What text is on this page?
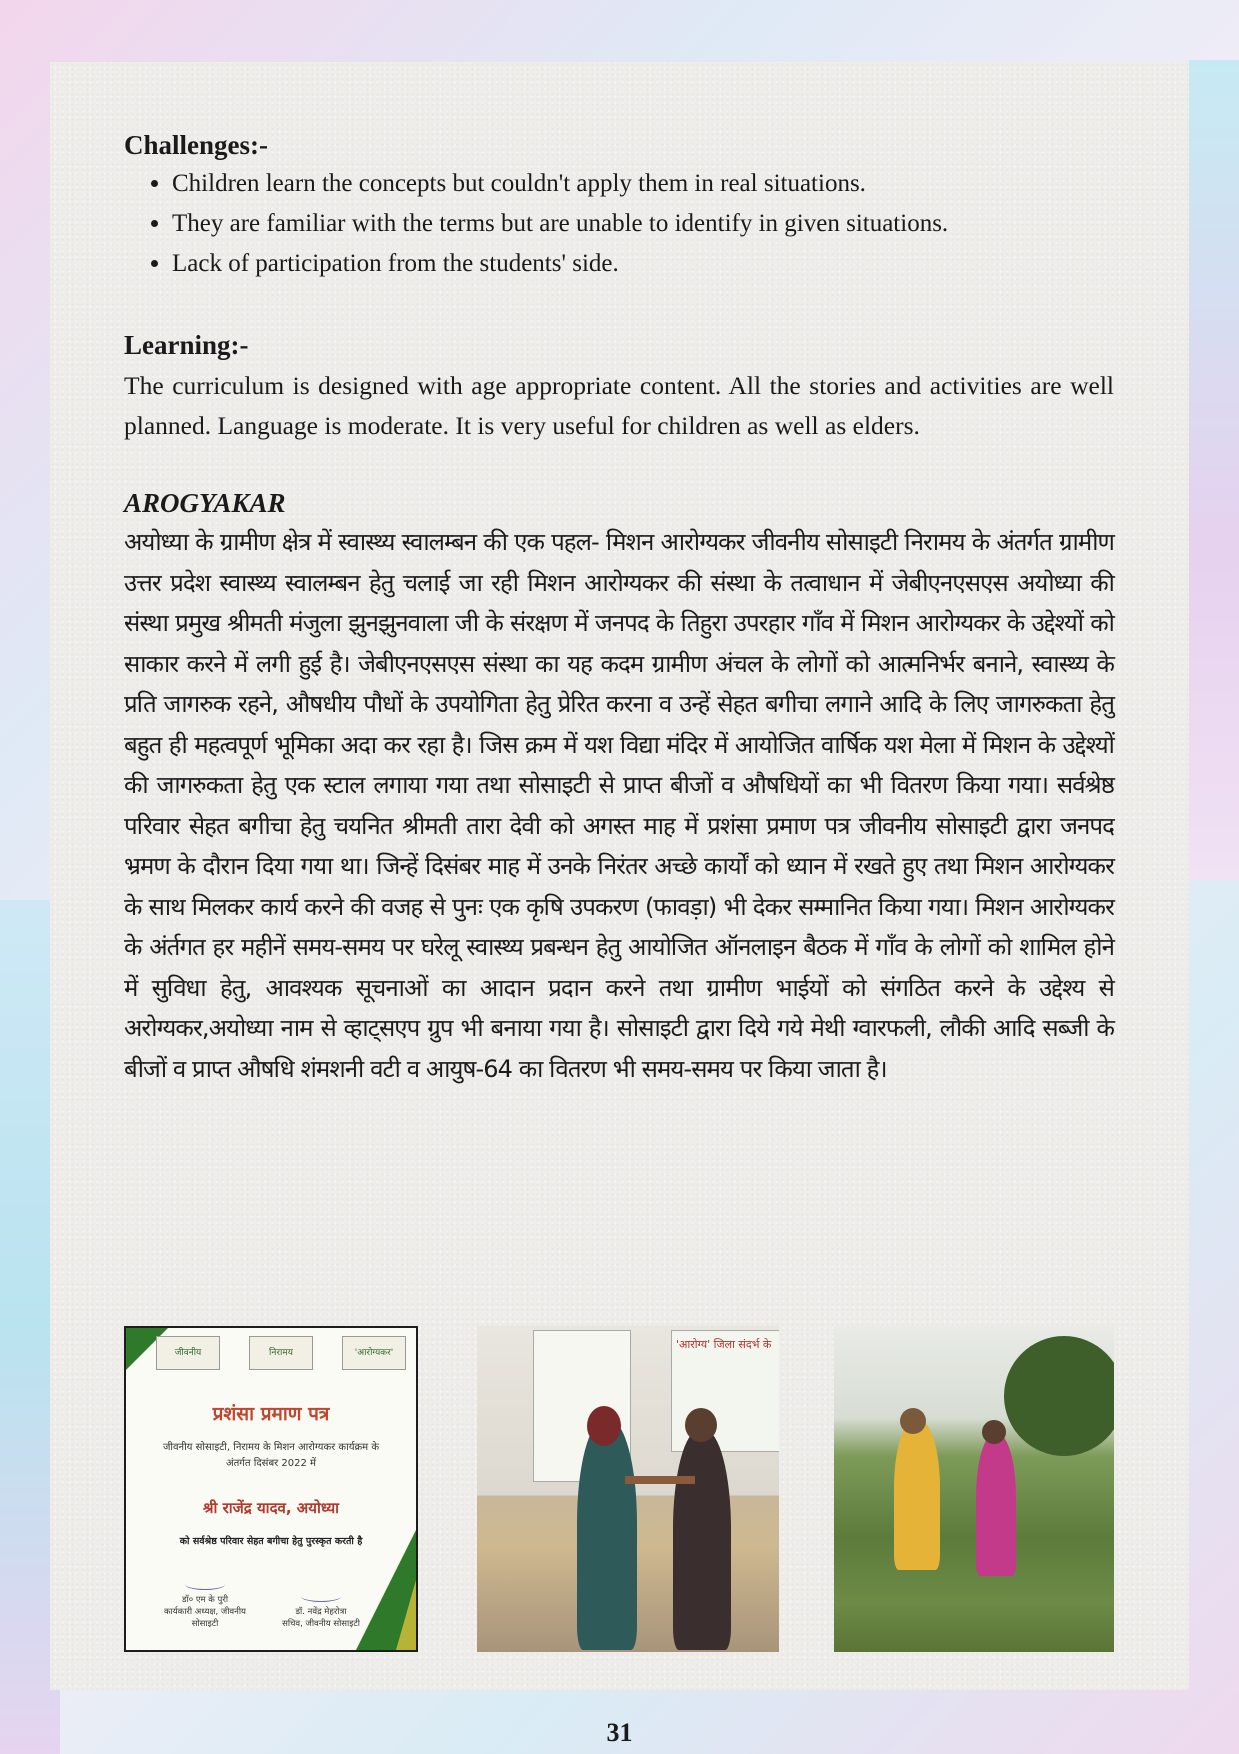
Challenges:-
• Children learn the concepts but couldn't apply them in real situations.
• They are familiar with the terms but are unable to identify in given situations.
• Lack of participation from the students' side.
Learning:-

The curriculum is designed with age appropriate content. All the stories and activities are well planned. Language is moderate. It is very useful for children as well as elders.

AROGYAKAR

अयोध्या के ग्रामीण क्षेत्र में स्वास्थ्य स्वालम्बन की एक पहल- मिशन आरोग्यकर जीवनीय सोसाइटी निरामय के अंतर्गत ग्रामीण उत्तर प्रदेश स्वास्थ्य स्वालम्बन हेतु चलाई जा रही मिशन आरोग्यकर की संस्था के तत्वाधान में जेबीएनएसएस अयोध्या की संस्था प्रमुख श्रीमती मंजुला झुनझुनवाला जी के संरक्षण में जनपद के तिहुरा उपरहार गाँव में मिशन आरोग्यकर के उद्देश्यों को साकार करने में लगी हुई है। जेबीएनएसएस संस्था का यह कदम ग्रामीण अंचल के लोगों को आत्मनिर्भर बनाने, स्वास्थ्य के प्रति जागरुक रहने, औषधीय पौधों के उपयोगिता हेतु प्रेरित करना व उन्हें सेहत बगीचा लगाने आदि के लिए जागरुकता हेतु बहुत ही महत्वपूर्ण भूमिका अदा कर रहा है। जिस क्रम में यश विद्या मंदिर में आयोजित वार्षिक यश मेला में मिशन के उद्देश्यों की जागरुकता हेतु एक स्टाल लगाया गया तथा सोसाइटी से प्राप्त बीजों व औषधियों का भी वितरण किया गया। सर्वश्रेष्ठ परिवार सेहत बगीचा हेतु चयनित श्रीमती तारा देवी को अगस्त माह में प्रशंसा प्रमाण पत्र जीवनीय सोसाइटी द्वारा जनपद भ्रमण के दौरान दिया गया था। जिन्हें दिसंबर माह में उनके निरंतर अच्छे कार्यों को ध्यान में रखते हुए तथा मिशन आरोग्यकर के साथ मिलकर कार्य करने की वजह से पुनः एक कृषि उपकरण (फावड़ा) भी देकर सम्मानित किया गया। मिशन आरोग्यकर के अंर्तगत हर महीनें समय-समय पर घरेलू स्वास्थ्य प्रबन्धन हेतु आयोजित ऑनलाइन बैठक में गाँव के लोगों को शामिल होने में सुविधा हेतु, आवश्यक सूचनाओं का आदान प्रदान करने तथा ग्रामीण भाईयों को संगठित करने के उद्देश्य से अरोग्यकर,अयोध्या नाम से व्हाट्सएप ग्रुप भी बनाया गया है। सोसाइटी द्वारा दिये गये मेथी ग्वारफली, लौकी आदि सब्जी के बीजों व प्राप्त औषधि शंमशनी वटी व आयुष-64 का वितरण भी समय-समय पर किया जाता है।

जीवनीय	निरामय	'आरोग्यकर'
प्रशंसा प्रमाण पत्र
जीवनीय सोसाइटी, निरामय के मिशन आरोग्यकर कार्यक्रम के
अंतर्गत दिसंबर 2022 में
श्री राजेंद्र यादव, अयोध्या
को सर्वश्रेष्ठ परिवार सेहत बगीचा हेतु पुरस्कृत करती है
डॉ० एम के पुरी
कार्यकारी अध्यक्ष, जीवनीय सोसाइटी
डॉ. नवेंद्र मेहरोत्रा
सचिव, जीवनीय सोसाइटी
'आरोग्य' जिला संदर्भ के
31
